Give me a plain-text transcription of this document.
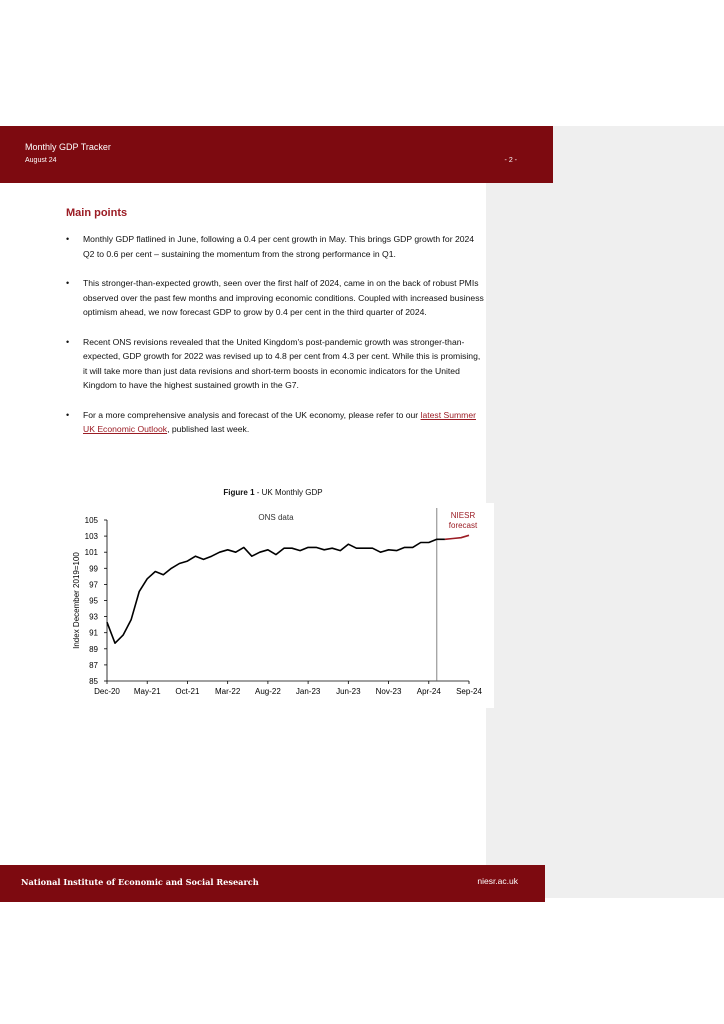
Monthly GDP Tracker
August 24	- 2 -
Main points
• Monthly GDP flatlined in June, following a 0.4 per cent growth in May. This brings GDP growth for 2024 Q2 to 0.6 per cent – sustaining the momentum from the strong performance in Q1.
• This stronger-than-expected growth, seen over the first half of 2024, came in on the back of robust PMIs observed over the past few months and improving economic conditions. Coupled with increased business optimism ahead, we now forecast GDP to grow by 0.4 per cent in the third quarter of 2024.
• Recent ONS revisions revealed that the United Kingdom's post-pandemic growth was stronger-than-expected, GDP growth for 2022 was revised up to 4.8 per cent from 4.3 per cent. While this is promising, it will take more than just data revisions and short-term boosts in economic indicators for the United Kingdom to have the highest sustained growth in the G7.
• For a more comprehensive analysis and forecast of the UK economy, please refer to our latest Summer UK Economic Outlook, published last week.
Figure 1 - UK Monthly GDP
85
87
89
91
93
95
97
99
101
103
105
Dec-20 May-21 Oct-21 Mar-22 Aug-22 Jan-23 Jun-23 Nov-23 Apr-24 Sep-24
Index December 2019=100
ONS data	NIESR
forecast
National Institute of Economic and Social Research	niesr.ac.uk
